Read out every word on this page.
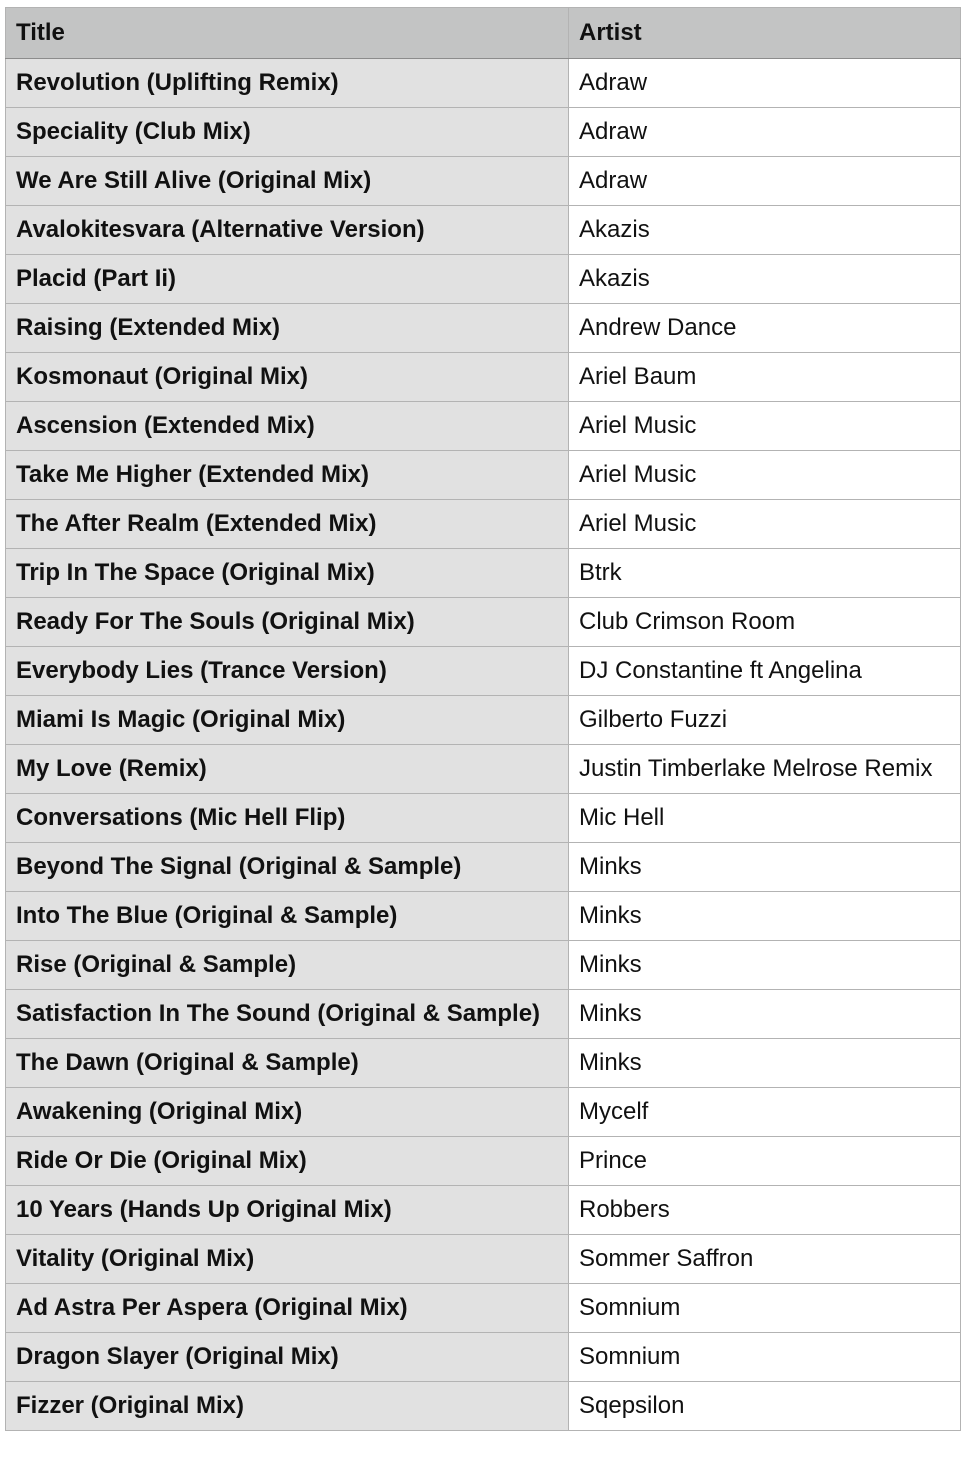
Title	Artist
Revolution (Uplifting Remix)	Adraw
Speciality (Club Mix)	Adraw
We Are Still Alive (Original Mix)	Adraw
Avalokitesvara (Alternative Version)	Akazis
Placid (Part Ii)	Akazis
Raising (Extended Mix)	Andrew Dance
Kosmonaut (Original Mix)	Ariel Baum
Ascension (Extended Mix)	Ariel Music
Take Me Higher (Extended Mix)	Ariel Music
The After Realm (Extended Mix)	Ariel Music
Trip In The Space (Original Mix)	Btrk
Ready For The Souls (Original Mix)	Club Crimson Room
Everybody Lies (Trance Version)	DJ Constantine ft Angelina
Miami Is Magic (Original Mix)	Gilberto Fuzzi
My Love (Remix)	Justin Timberlake Melrose Remix
Conversations (Mic Hell Flip)	Mic Hell
Beyond The Signal (Original & Sample)	Minks
Into The Blue (Original & Sample)	Minks
Rise (Original & Sample)	Minks
Satisfaction In The Sound (Original & Sample)	Minks
The Dawn (Original & Sample)	Minks
Awakening (Original Mix)	Mycelf
Ride Or Die (Original Mix)	Prince
10 Years (Hands Up Original Mix)	Robbers
Vitality (Original Mix)	Sommer Saffron
Ad Astra Per Aspera (Original Mix)	Somnium
Dragon Slayer (Original Mix)	Somnium
Fizzer (Original Mix)	Sqepsilon
